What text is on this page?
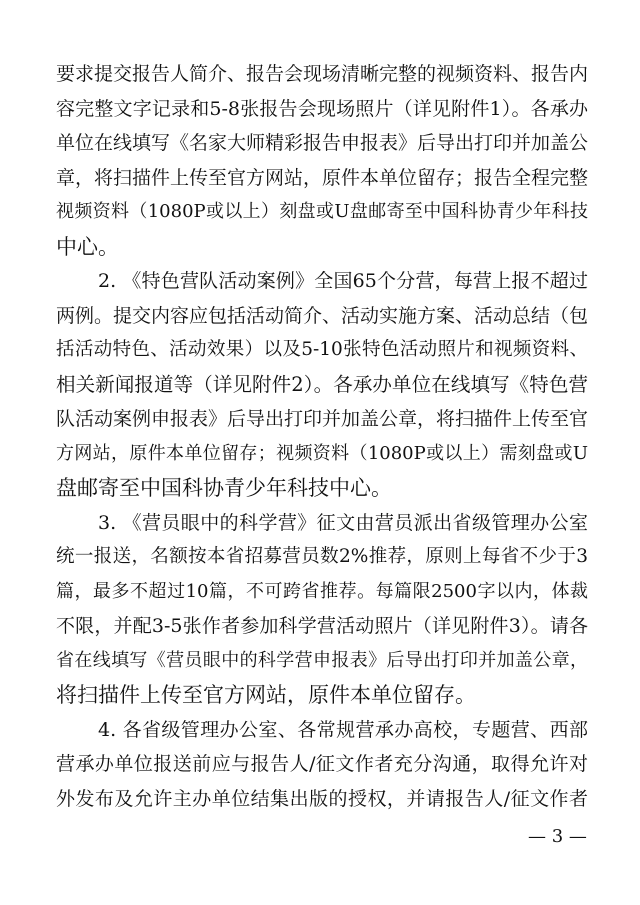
要求提交报告人简介、报告会现场清晰完整的视频资料、报告内
容完整文字记录和5-8张报告会现场照片（详见附件1）。各承办
单位在线填写《名家大师精彩报告申报表》后导出打印并加盖公
章，将扫描件上传至官方网站，原件本单位留存；报告全程完整
视频资料（1080P或以上）刻盘或U盘邮寄至中国科协青少年科技
中心。
2. 《特色营队活动案例》全国65个分营，每营上报不超过
两例。提交内容应包括活动简介、活动实施方案、活动总结（包
括活动特色、活动效果）以及5-10张特色活动照片和视频资料、
相关新闻报道等（详见附件2）。各承办单位在线填写《特色营
队活动案例申报表》后导出打印并加盖公章，将扫描件上传至官
方网站，原件本单位留存；视频资料（1080P或以上）需刻盘或U
盘邮寄至中国科协青少年科技中心。
3. 《营员眼中的科学营》征文由营员派出省级管理办公室
统一报送，名额按本省招募营员数2%推荐，原则上每省不少于3
篇，最多不超过10篇，不可跨省推荐。每篇限2500字以内，体裁
不限，并配3-5张作者参加科学营活动照片（详见附件3）。请各
省在线填写《营员眼中的科学营申报表》后导出打印并加盖公章，
将扫描件上传至官方网站，原件本单位留存。
4. 各省级管理办公室、各常规营承办高校，专题营、西部
营承办单位报送前应与报告人/征文作者充分沟通，取得允许对
外发布及允许主办单位结集出版的授权，并请报告人/征文作者
— 3 —
